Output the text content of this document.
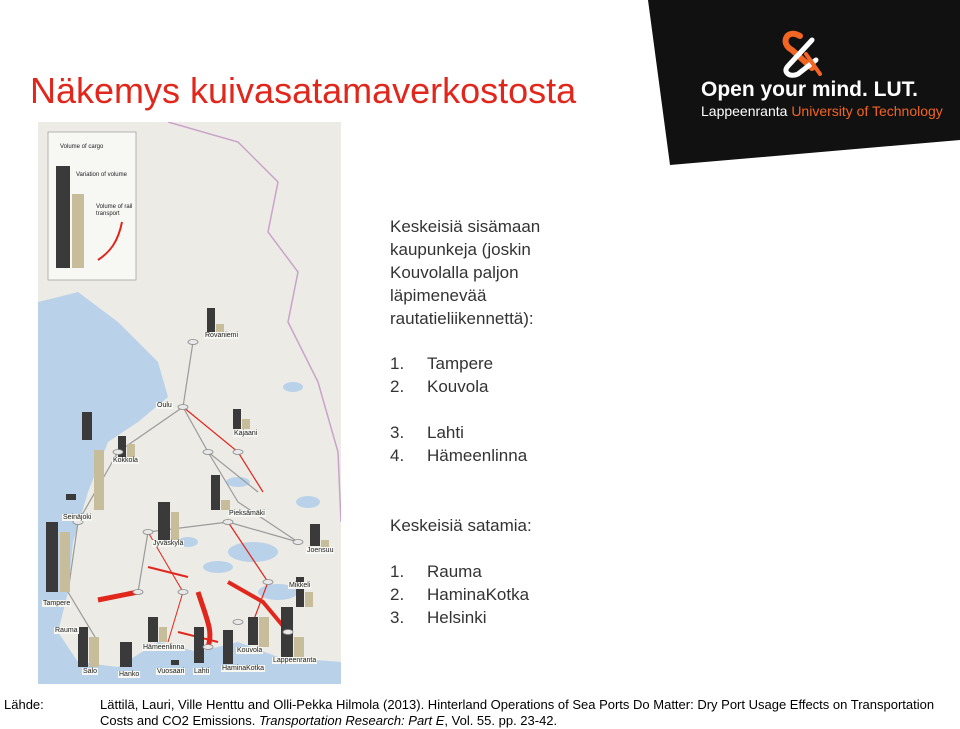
Näkemys kuivasatamaverkostosta	Open your mind. LUT.
Lappeenranta University of Technology
Volume of cargo
Variation of volume
Volume of rail transport
Rovaniemi
Oulu
Kajaani
Kokkola
Pieksämäki
Seinäjoki
Jyväskylä
Joensuu
Tampere
Mikkeli
Rauma
Hämeenlinna	Kouvola
Lappeenranta
Salo	Hanko	Vuosaari Lahti HaminaKotka
Keskeisiä sisämaan kaupunkeja (joskin Kouvolalla paljon läpimenevää rautatieliikennettä):
1.	Tampere
2.	Kouvola
3.	Lahti
4.	Hämeenlinna
Keskeisiä satamia:
1.	Rauma
2.	HaminaKotka
3.	Helsinki
Lähde:	Lättilä, Lauri, Ville Henttu and Olli-Pekka Hilmola (2013). Hinterland Operations of Sea Ports Do Matter: Dry Port Usage Effects on Transportation Costs and CO2 Emissions. Transportation Research: Part E, Vol. 55. pp. 23-42.
